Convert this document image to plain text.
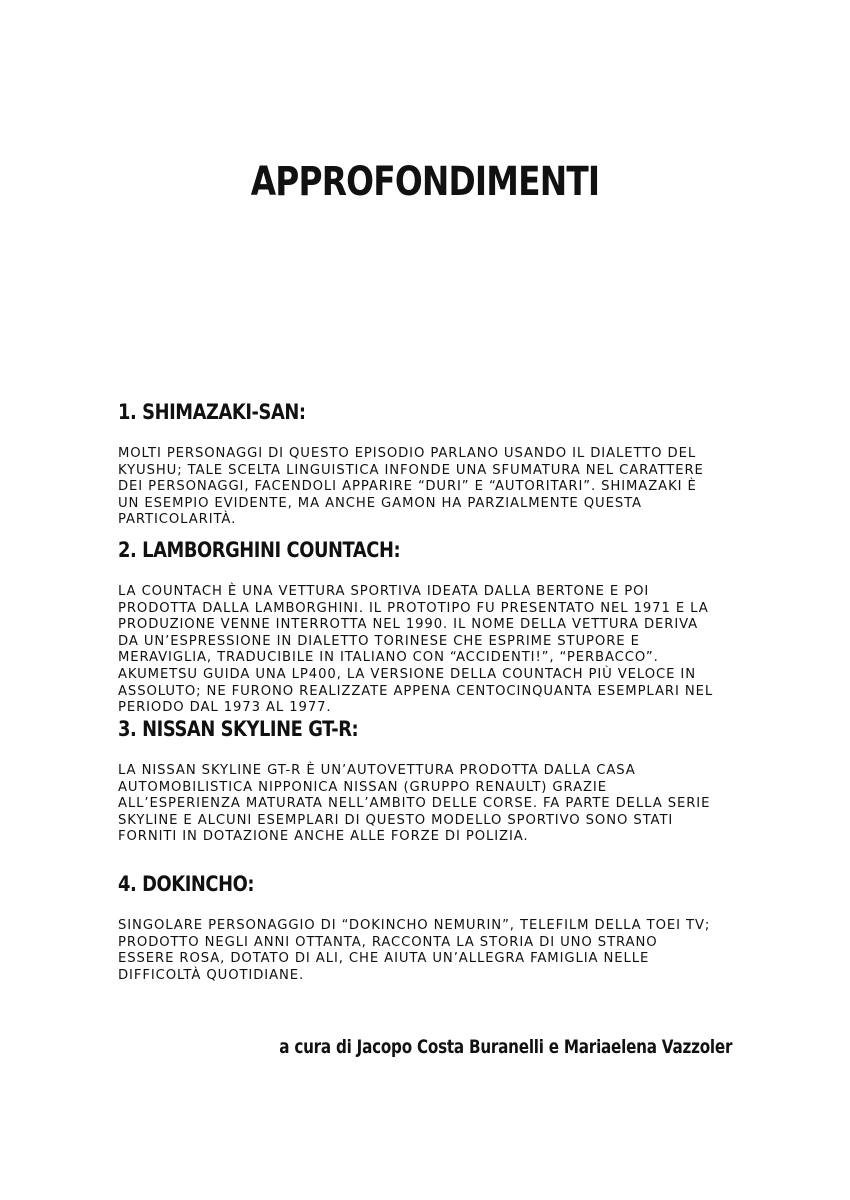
APPROFONDIMENTI
1. SHIMAZAKI-SAN:

MOLTI PERSONAGGI DI QUESTO EPISODIO PARLANO USANDO IL DIALETTO DEL KYUSHU; TALE SCELTA LINGUISTICA INFONDE UNA SFUMATURA NEL CARATTERE DEI PERSONAGGI, FACENDOLI APPARIRE “DURI” E “AUTORITARI”. SHIMAZAKI È UN ESEMPIO EVIDENTE, MA ANCHE GAMON HA PARZIALMENTE QUESTA PARTICOLARITÀ.

2. LAMBORGHINI COUNTACH:

LA COUNTACH È UNA VETTURA SPORTIVA IDEATA DALLA BERTONE E POI PRODOTTA DALLA LAMBORGHINI. IL PROTOTIPO FU PRESENTATO NEL 1971 E LA PRODUZIONE VENNE INTERROTTA NEL 1990. IL NOME DELLA VETTURA DERIVA DA UN’ESPRESSIONE IN DIALETTO TORINESE CHE ESPRIME STUPORE E MERAVIGLIA, TRADUCIBILE IN ITALIANO CON “ACCIDENTI!”, “PERBACCO”. AKUMETSU GUIDA UNA LP400, LA VERSIONE DELLA COUNTACH PIÙ VELOCE IN ASSOLUTO; NE FURONO REALIZZATE APPENA CENTOCINQUANTA ESEMPLARI NEL PERIODO DAL 1973 AL 1977.

3. NISSAN SKYLINE GT-R:

LA NISSAN SKYLINE GT-R È UN’AUTOVETTURA PRODOTTA DALLA CASA AUTOMOBILISTICA NIPPONICA NISSAN (GRUPPO RENAULT) GRAZIE ALL’ESPERIENZA MATURATA NELL’AMBITO DELLE CORSE. FA PARTE DELLA SERIE SKYLINE E ALCUNI ESEMPLARI DI QUESTO MODELLO SPORTIVO SONO STATI FORNITI IN DOTAZIONE ANCHE ALLE FORZE DI POLIZIA.

4. DOKINCHO:

SINGOLARE PERSONAGGIO DI “DOKINCHO NEMURIN”, TELEFILM DELLA TOEI TV; PRODOTTO NEGLI ANNI OTTANTA, RACCONTA LA STORIA DI UNO STRANO ESSERE ROSA, DOTATO DI ALI, CHE AIUTA UN’ALLEGRA FAMIGLIA NELLE DIFFICOLTÀ QUOTIDIANE.

a cura di Jacopo Costa Buranelli e Mariaelena Vazzoler
